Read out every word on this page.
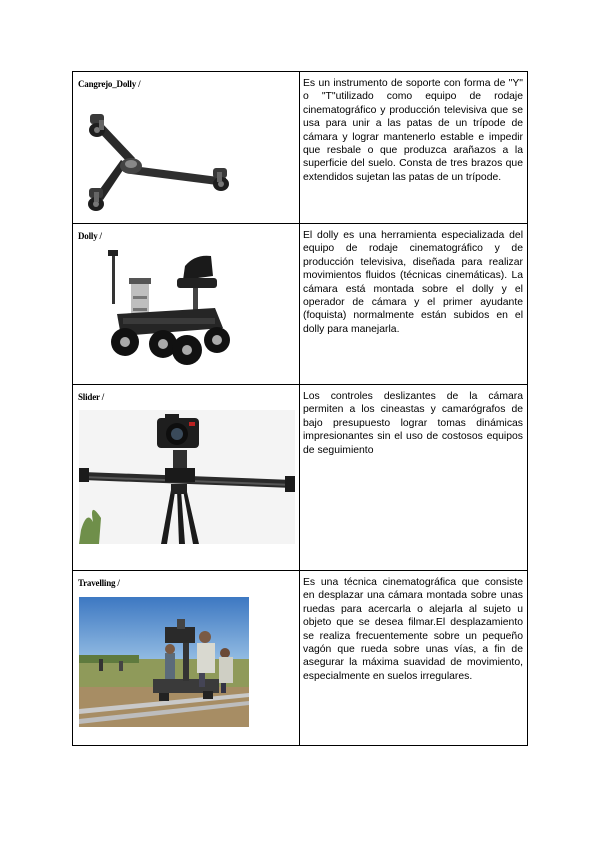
Cangrejo_Dolly /	Es un instrumento de soporte con forma de "Y" o "T"utilizado como equipo de rodaje cinematográfico y producción televisiva que se usa para unir a las patas de un trípode de cámara y lograr mantenerlo estable e impedir que resbale o que produzca arañazos a la superficie del suelo. Consta de tres brazos que extendidos sujetan las patas de un trípode.

Dolly /	El dolly es una herramienta especializada del equipo de rodaje cinematográfico y de producción televisiva, diseñada para realizar movimientos fluidos (técnicas cinemáticas). La cámara está montada sobre el dolly y el operador de cámara y el primer ayudante (foquista) normalmente están subidos en el dolly para manejarla.

Slider /	Los controles deslizantes de la cámara permiten a los cineastas y camarógrafos de bajo presupuesto lograr tomas dinámicas impresionantes sin el uso de costosos equipos de seguimiento

Travelling /	Es una técnica cinematográfica que consiste en desplazar una cámara montada sobre unas ruedas para acercarla o alejarla al sujeto u objeto que se desea filmar.El desplazamiento se realiza frecuentemente sobre un pequeño vagón que rueda sobre unas vías, a fin de asegurar la máxima suavidad de movimiento, especialmente en suelos irregulares.
